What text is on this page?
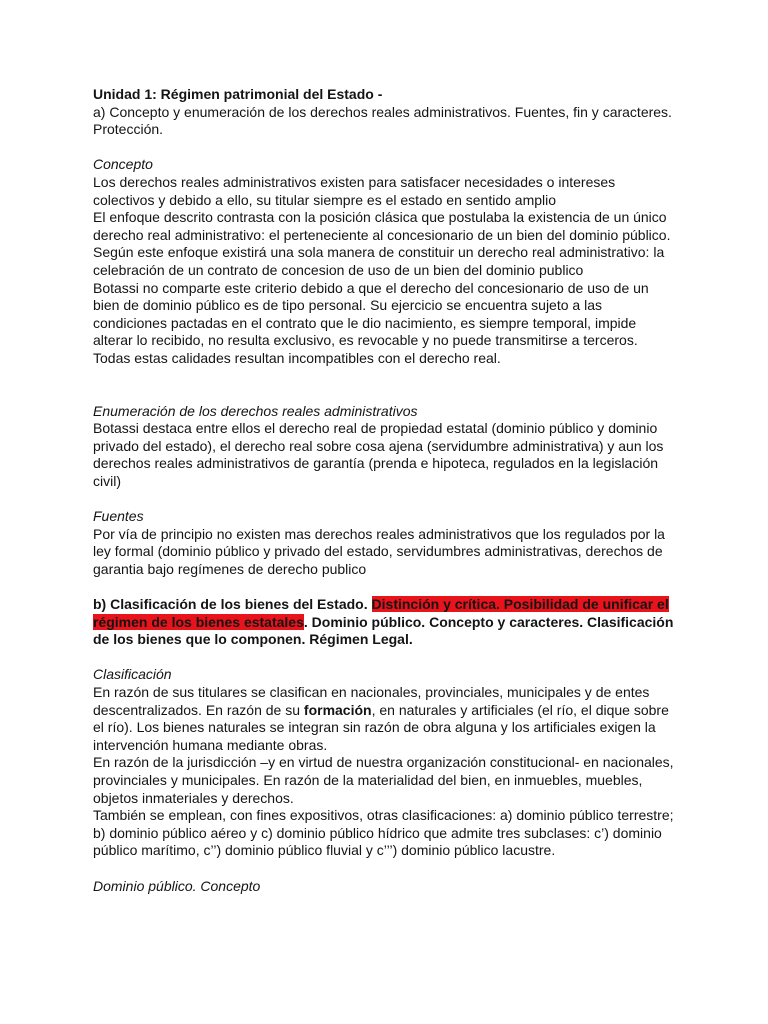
Unidad 1: Régimen patrimonial del Estado -

a) Concepto y enumeración de los derechos reales administrativos. Fuentes, fin y caracteres. Protección.

Concepto

Los derechos reales administrativos existen para satisfacer necesidades o intereses colectivos y debido a ello, su titular siempre es el estado en sentido amplio

El enfoque descrito contrasta con la posición clásica que postulaba la existencia de un único derecho real administrativo: el perteneciente al concesionario de un bien del dominio público. Según este enfoque existirá una sola manera de constituir un derecho real administrativo: la celebración de un contrato de concesion de uso de un bien del dominio publico

Botassi no comparte este criterio debido a que el derecho del concesionario de uso de un bien de dominio público es de tipo personal. Su ejercicio se encuentra sujeto a las condiciones pactadas en el contrato que le dio nacimiento, es siempre temporal, impide alterar lo recibido, no resulta exclusivo, es revocable y no puede transmitirse a terceros. Todas estas calidades resultan incompatibles con el derecho real.

Enumeración de los derechos reales administrativos

Botassi destaca entre ellos el derecho real de propiedad estatal (dominio público y dominio privado del estado), el derecho real sobre cosa ajena (servidumbre administrativa) y aun los derechos reales administrativos de garantía (prenda e hipoteca, regulados en la legislación civil)

Fuentes

Por vía de principio no existen mas derechos reales administrativos que los regulados por la ley formal (dominio público y privado del estado, servidumbres administrativas, derechos de garantia bajo regímenes de derecho publico

b) Clasificación de los bienes del Estado. Distinción y crítica. Posibilidad de unificar el régimen de los bienes estatales. Dominio público. Concepto y caracteres. Clasificación de los bienes que lo componen. Régimen Legal.

Clasificación

En razón de sus titulares se clasifican en nacionales, provinciales, municipales y de entes descentralizados. En razón de su formación, en naturales y artificiales (el río, el dique sobre el río). Los bienes naturales se integran sin razón de obra alguna y los artificiales exigen la intervención humana mediante obras.

En razón de la jurisdicción –y en virtud de nuestra organización constitucional- en nacionales, provinciales y municipales. En razón de la materialidad del bien, en inmuebles, muebles, objetos inmateriales y derechos.

También se emplean, con fines expositivos, otras clasificaciones: a) dominio público terrestre; b) dominio público aéreo y c) dominio público hídrico que admite tres subclases: c’) dominio público marítimo, c’’) dominio público fluvial y c’’’) dominio público lacustre.

Dominio público. Concepto
